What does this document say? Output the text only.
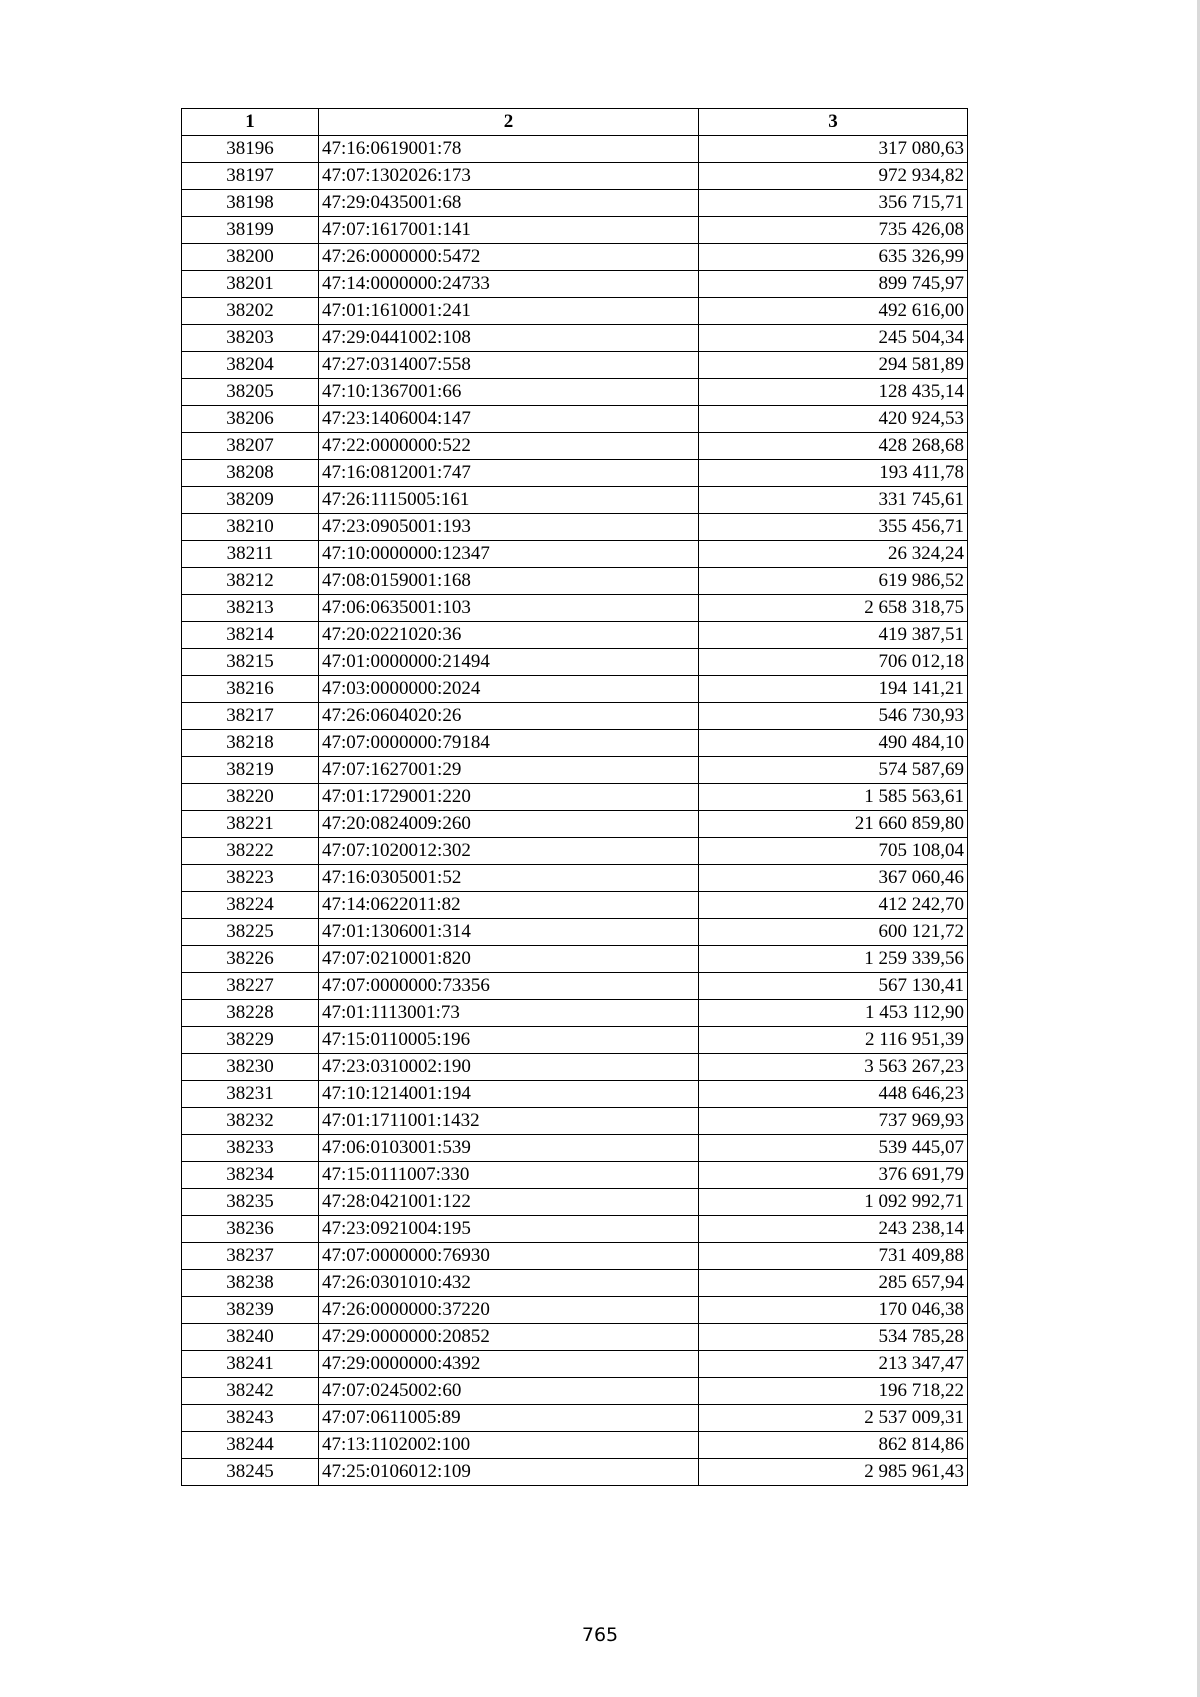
1	2	3
38196	47:16:0619001:78	317 080,63
38197	47:07:1302026:173	972 934,82
38198	47:29:0435001:68	356 715,71
38199	47:07:1617001:141	735 426,08
38200	47:26:0000000:5472	635 326,99
38201	47:14:0000000:24733	899 745,97
38202	47:01:1610001:241	492 616,00
38203	47:29:0441002:108	245 504,34
38204	47:27:0314007:558	294 581,89
38205	47:10:1367001:66	128 435,14
38206	47:23:1406004:147	420 924,53
38207	47:22:0000000:522	428 268,68
38208	47:16:0812001:747	193 411,78
38209	47:26:1115005:161	331 745,61
38210	47:23:0905001:193	355 456,71
38211	47:10:0000000:12347	26 324,24
38212	47:08:0159001:168	619 986,52
38213	47:06:0635001:103	2 658 318,75
38214	47:20:0221020:36	419 387,51
38215	47:01:0000000:21494	706 012,18
38216	47:03:0000000:2024	194 141,21
38217	47:26:0604020:26	546 730,93
38218	47:07:0000000:79184	490 484,10
38219	47:07:1627001:29	574 587,69
38220	47:01:1729001:220	1 585 563,61
38221	47:20:0824009:260	21 660 859,80
38222	47:07:1020012:302	705 108,04
38223	47:16:0305001:52	367 060,46
38224	47:14:0622011:82	412 242,70
38225	47:01:1306001:314	600 121,72
38226	47:07:0210001:820	1 259 339,56
38227	47:07:0000000:73356	567 130,41
38228	47:01:1113001:73	1 453 112,90
38229	47:15:0110005:196	2 116 951,39
38230	47:23:0310002:190	3 563 267,23
38231	47:10:1214001:194	448 646,23
38232	47:01:1711001:1432	737 969,93
38233	47:06:0103001:539	539 445,07
38234	47:15:0111007:330	376 691,79
38235	47:28:0421001:122	1 092 992,71
38236	47:23:0921004:195	243 238,14
38237	47:07:0000000:76930	731 409,88
38238	47:26:0301010:432	285 657,94
38239	47:26:0000000:37220	170 046,38
38240	47:29:0000000:20852	534 785,28
38241	47:29:0000000:4392	213 347,47
38242	47:07:0245002:60	196 718,22
38243	47:07:0611005:89	2 537 009,31
38244	47:13:1102002:100	862 814,86
38245	47:25:0106012:109	2 985 961,43
765
